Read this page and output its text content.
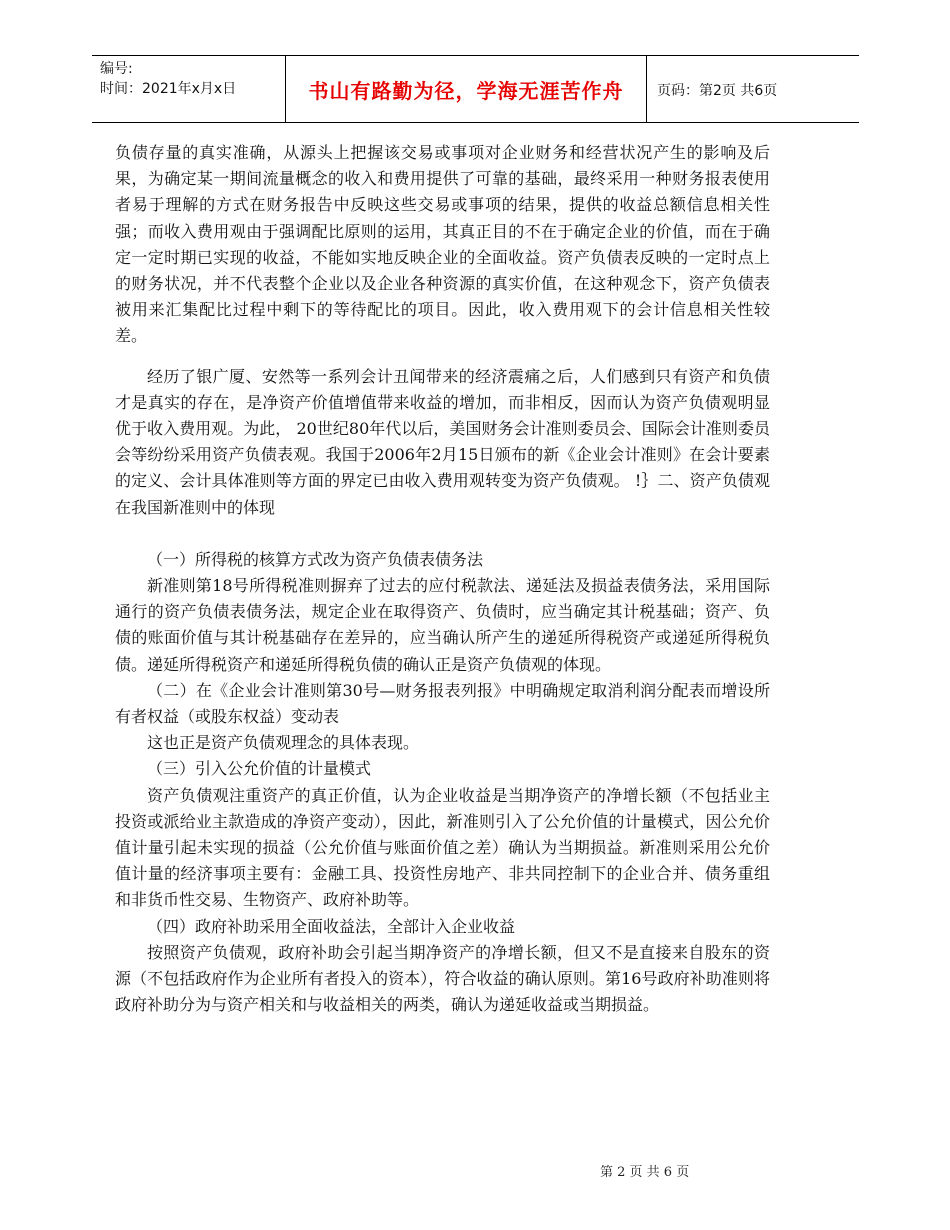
编号:
时间：2021年x月x日	书山有路勤为径，学海无涯苦作舟	页码：第2页 共6页

负债存量的真实准确，从源头上把握该交易或事项对企业财务和经营状况产生的影响及后果，为确定某一期间流量概念的收入和费用提供了可靠的基础，最终采用一种财务报表使用者易于理解的方式在财务报告中反映这些交易或事项的结果，提供的收益总额信息相关性强；而收入费用观由于强调配比原则的运用，其真正目的不在于确定企业的价值，而在于确定一定时期已实现的收益，不能如实地反映企业的全面收益。资产负债表反映的一定时点上的财务状况，并不代表整个企业以及企业各种资源的真实价值，在这种观念下，资产负债表被用来汇集配比过程中剩下的等待配比的项目。因此，收入费用观下的会计信息相关性较差。

经历了银广厦、安然等一系列会计丑闻带来的经济震痛之后，人们感到只有资产和负债才是真实的存在，是净资产价值增值带来收益的增加，而非相反，因而认为资产负债观明显优于收入费用观。为此， 20世纪80年代以后，美国财务会计准则委员会、国际会计准则委员会等纷纷采用资产负债表观。我国于2006年2月15日颁布的新《企业会计准则》在会计要素的定义、会计具体准则等方面的界定已由收入费用观转变为资产负债观。 !｝二、资产负债观在我国新准则中的体现

（一）所得税的核算方式改为资产负债表债务法

新准则第18号所得税准则摒弃了过去的应付税款法、递延法及损益表债务法，采用国际通行的资产负债表债务法，规定企业在取得资产、负债时，应当确定其计税基础；资产、负债的账面价值与其计税基础存在差异的，应当确认所产生的递延所得税资产或递延所得税负债。递延所得税资产和递延所得税负债的确认正是资产负债观的体现。

（二）在《企业会计准则第30号—财务报表列报》中明确规定取消利润分配表而增设所有者权益（或股东权益）变动表

这也正是资产负债观理念的具体表现。

（三）引入公允价值的计量模式

资产负债观注重资产的真正价值，认为企业收益是当期净资产的净增长额（不包括业主投资或派给业主款造成的净资产变动），因此，新准则引入了公允价值的计量模式，因公允价值计量引起未实现的损益（公允价值与账面价值之差）确认为当期损益。新准则采用公允价值计量的经济事项主要有：金融工具、投资性房地产、非共同控制下的企业合并、债务重组和非货币性交易、生物资产、政府补助等。

（四）政府补助采用全面收益法，全部计入企业收益

按照资产负债观，政府补助会引起当期净资产的净增长额，但又不是直接来自股东的资源（不包括政府作为企业所有者投入的资本），符合收益的确认原则。第16号政府补助准则将政府补助分为与资产相关和与收益相关的两类，确认为递延收益或当期损益。

第 2 页 共 6 页
